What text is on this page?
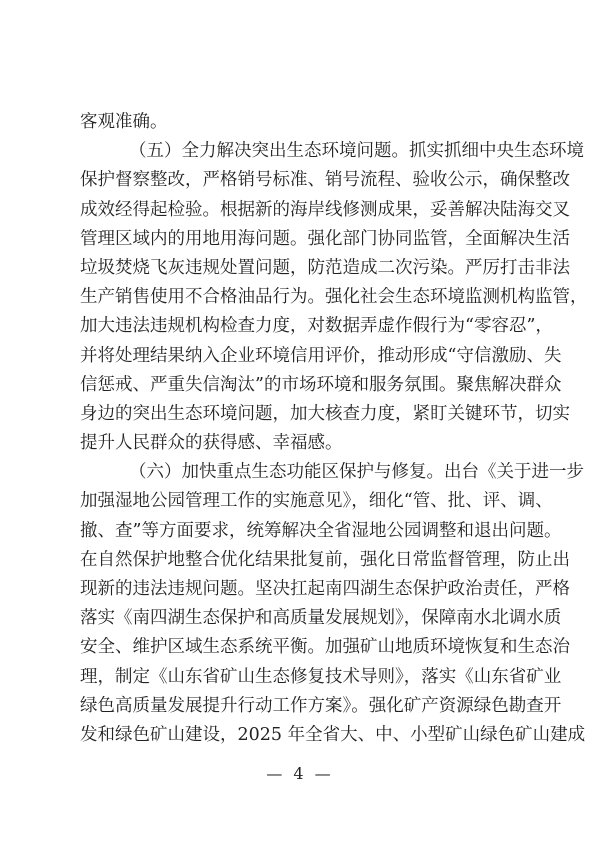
客观准确。
（五）全力解决突出生态环境问题。抓实抓细中央生态环境
保护督察整改，严格销号标准、销号流程、验收公示，确保整改
成效经得起检验。根据新的海岸线修测成果，妥善解决陆海交叉
管理区域内的用地用海问题。强化部门协同监管，全面解决生活
垃圾焚烧飞灰违规处置问题，防范造成二次污染。严厉打击非法
生产销售使用不合格油品行为。强化社会生态环境监测机构监管，
加大违法违规机构检查力度，对数据弄虚作假行为“零容忍”，
并将处理结果纳入企业环境信用评价，推动形成“守信激励、失
信惩戒、严重失信淘汰”的市场环境和服务氛围。聚焦解决群众
身边的突出生态环境问题，加大核查力度，紧盯关键环节，切实
提升人民群众的获得感、幸福感。
（六）加快重点生态功能区保护与修复。出台《关于进一步
加强湿地公园管理工作的实施意见》，细化“管、批、评、调、
撤、查”等方面要求，统筹解决全省湿地公园调整和退出问题。
在自然保护地整合优化结果批复前，强化日常监督管理，防止出
现新的违法违规问题。坚决扛起南四湖生态保护政治责任，严格
落实《南四湖生态保护和高质量发展规划》，保障南水北调水质
安全、维护区域生态系统平衡。加强矿山地质环境恢复和生态治
理，制定《山东省矿山生态修复技术导则》，落实《山东省矿业
绿色高质量发展提升行动工作方案》。强化矿产资源绿色勘查开
发和绿色矿山建设，2025 年全省大、中、小型矿山绿色矿山建成
— 4 —
